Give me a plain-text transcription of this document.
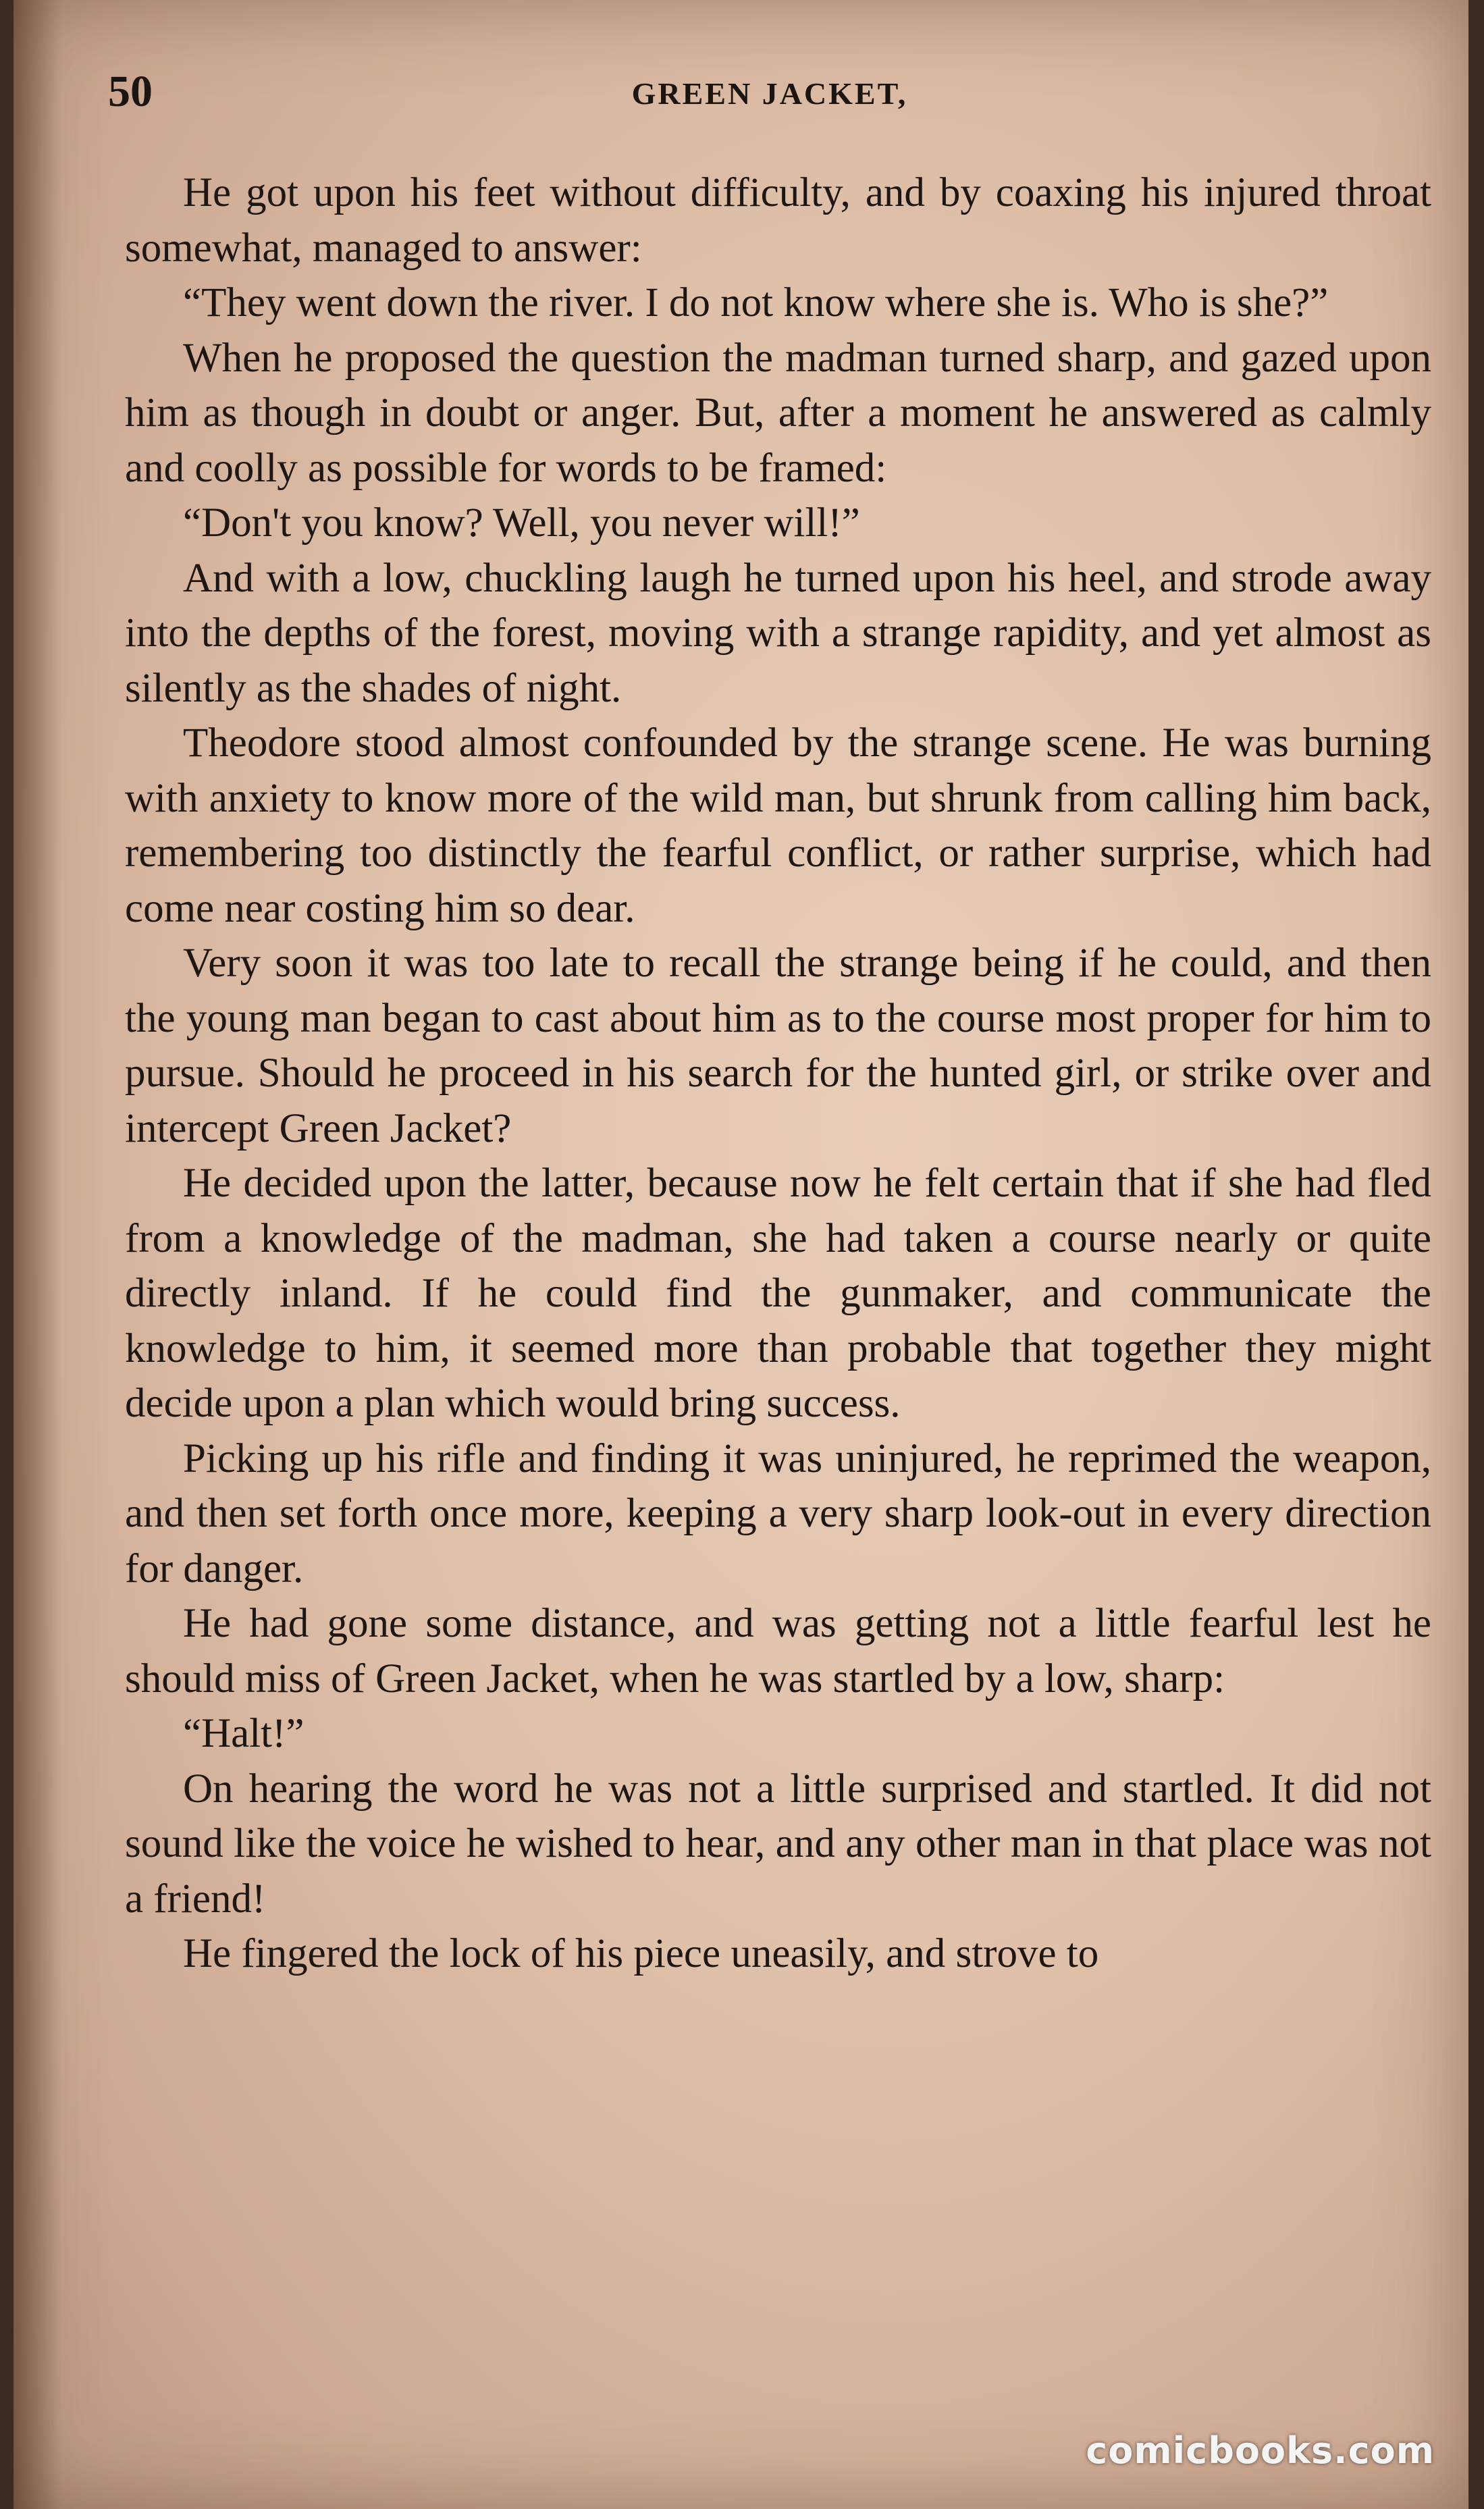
50	GREEN JACKET,

He got upon his feet without difficulty, and by coaxing his injured throat somewhat, managed to answer:

“They went down the river. I do not know where she is. Who is she?”

When he proposed the question the madman turned sharp, and gazed upon him as though in doubt or anger. But, after a moment he answered as calmly and coolly as possible for words to be framed:

“Don't you know? Well, you never will!”

And with a low, chuckling laugh he turned upon his heel, and strode away into the depths of the forest, moving with a strange rapidity, and yet almost as silently as the shades of night.

Theodore stood almost confounded by the strange scene. He was burning with anxiety to know more of the wild man, but shrunk from calling him back, remembering too distinctly the fearful conflict, or rather surprise, which had come near costing him so dear.

Very soon it was too late to recall the strange being if he could, and then the young man began to cast about him as to the course most proper for him to pursue. Should he proceed in his search for the hunted girl, or strike over and intercept Green Jacket?

He decided upon the latter, because now he felt certain that if she had fled from a knowledge of the madman, she had taken a course nearly or quite directly inland. If he could find the gunmaker, and communicate the knowledge to him, it seemed more than probable that together they might decide upon a plan which would bring success.

Picking up his rifle and finding it was uninjured, he reprimed the weapon, and then set forth once more, keeping a very sharp look-out in every direction for danger.

He had gone some distance, and was getting not a little fearful lest he should miss of Green Jacket, when he was startled by a low, sharp:

“Halt!”

On hearing the word he was not a little surprised and startled. It did not sound like the voice he wished to hear, and any other man in that place was not a friend!

He fingered the lock of his piece uneasily, and strove to

comicbooks.com
